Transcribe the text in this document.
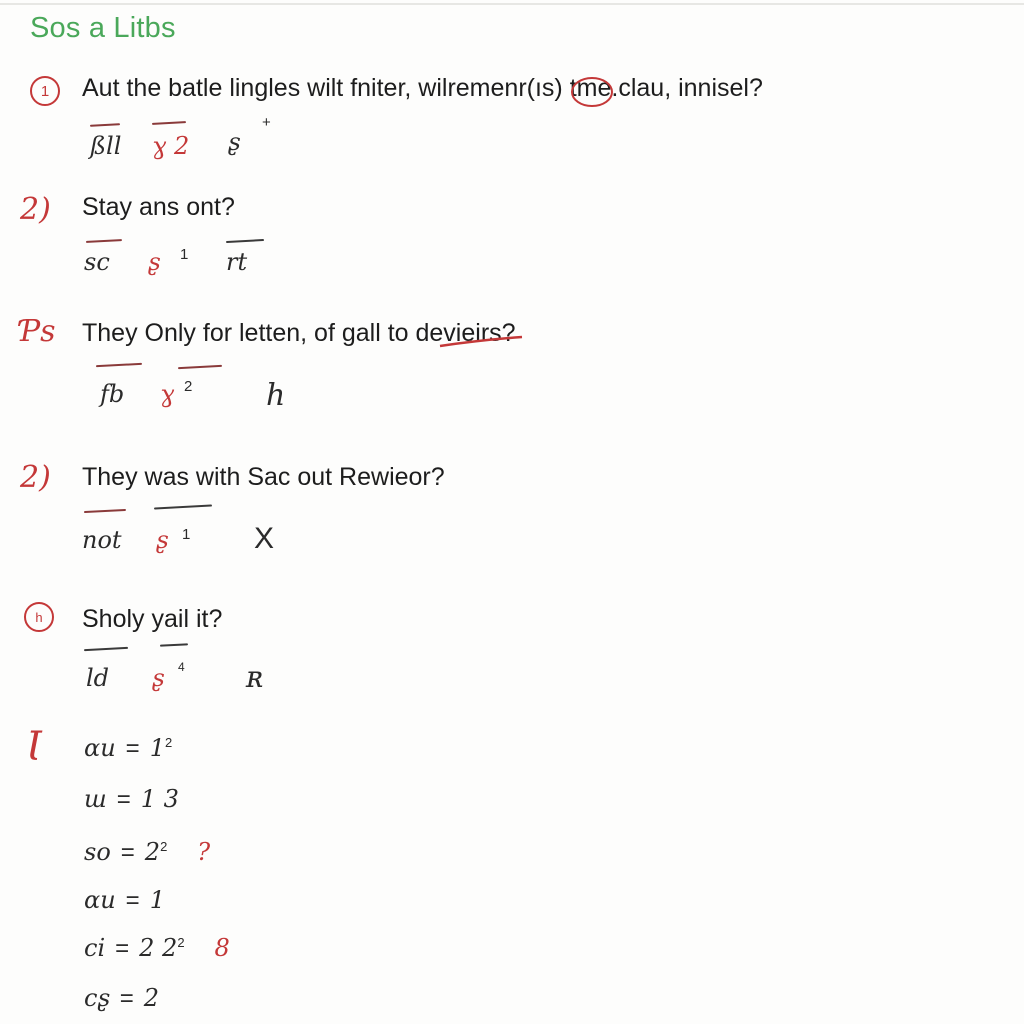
Sos a Litbs
1	Aut the batle lingles wilt fniter, wilremenr(ıs) tme.clau, innisel?
ßll ɣ 2 ʂ
+
2) Stay ans ont?
sc ʂ 1 rt
Ƥs They Only for letten, of gall to devieirs?
fb ɣ 2 h
2) They was with Sac out Rewieor?
not ʂ 1 X
h	Sholy yail it?
ld ʂ 4 ʀ
Ɩ ɑu = $1^2$
ш = 1 3
so = $2^2$ ?
ɑu = 1
ci = 2 $2^2$ 8
cʂ = 2
